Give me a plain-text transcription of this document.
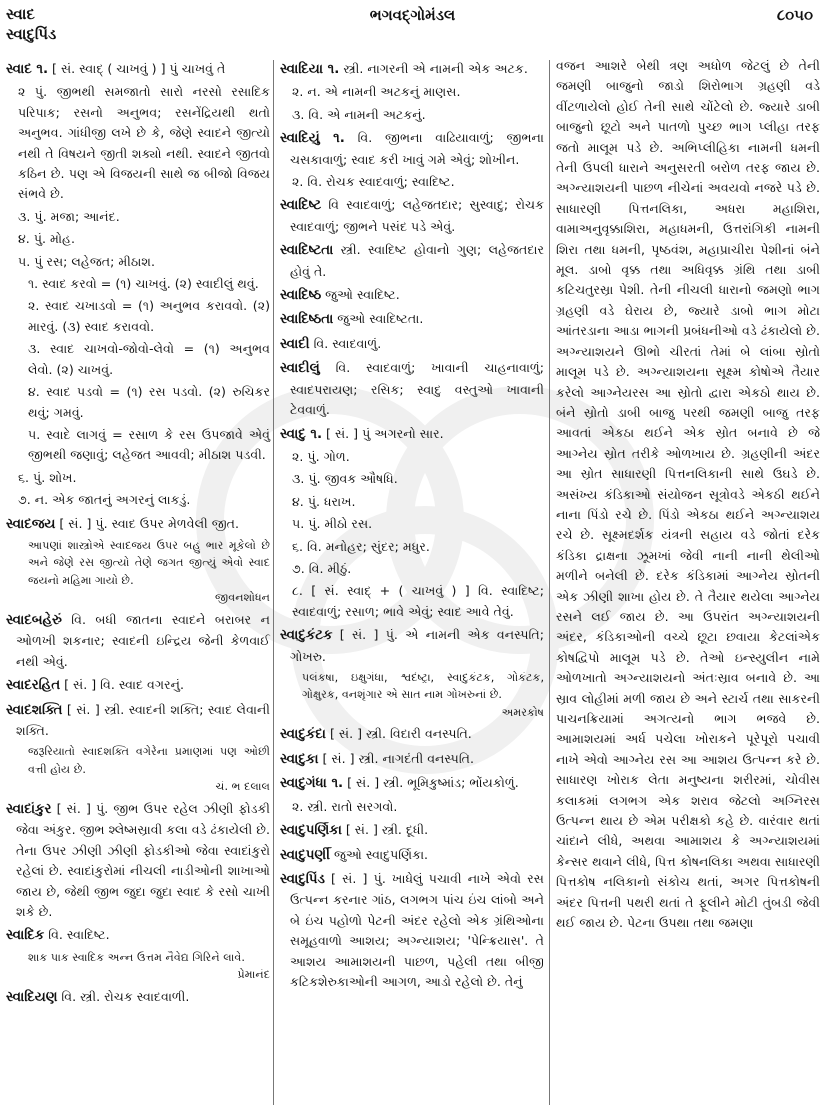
સ્વાદ
સ્વાદુપિંડ
ભગવદ્ગોમંડલ	૮૦૫૦
સ્વાદ ૧. [ સં. સ્વાદ્ ( ચાખવું ) ] પું ચાખવું તે
૨ પું. જીભથી સમજાતો સારો નરસો રસાદિક પરિપાક; રસનો અનુભવ; રસનેંદ્રિયથી થતો અનુભવ. ગાંધીજી લખે છે કે, જેણે સ્વાદને જીત્યો નથી તે વિષયને જીતી શક્યો નથી. સ્વાદને જીતવો કઠિન છે. પણ એ વિજયની સાથે જ બીજો વિજય સંભવે છે.
૩. પું. મજા; આનંદ.
૪. પું. મોહ.
૫. પું રસ; લહેજત; મીઠાશ.
૧. સ્વાદ કરવો = (૧) ચાખવું. (૨) સ્વાદીલું થવું.
૨. સ્વાદ ચખાડવો = (૧) અનુભવ કરાવવો. (૨) મારવું. (૩) સ્વાદ કરાવવો.
૩. સ્વાદ ચાખવો-જોવો-લેવો = (૧) અનુભવ લેવો. (૨) ચાખવું.
૪. સ્વાદ પડવો = (૧) રસ પડવો. (૨) રુચિકર થવું; ગમવું.
૫. સ્વાદે લાગવું = રસાળ કે રસ ઉપજાવે એવું જીભથી જણાવું; લહેજત આવવી; મીઠાશ પડવી.
૬. પું. શોખ.
૭. ન. એક જાતનું અગરનું લાકડું.
સ્વાદજય [ સં. ] પું. સ્વાદ ઉપર મેળવેલી જીત.
આપણાં શાસ્ત્રોએ સ્વાદજય ઉપર બહુ ભાર મૂકેલો છે અને જેણે રસ જીત્યો તેણે જગત જીત્યું એવો સ્વાદ જયનો મહિમા ગાયો છે.
જીવનશોધન
સ્વાદબહેરું વિ. બધી જાતના સ્વાદને બરાબર ન ઓળખી શકનાર; સ્વાદની ઇન્દ્રિય જેની કેળવાઈ નથી એવું.
સ્વાદરહિત [ સં. ] વિ. સ્વાદ વગરનું.
સ્વાદશક્તિ [ સં. ] સ્ત્રી. સ્વાદની શક્તિ; સ્વાદ લેવાની શક્તિ.
જરૂરિયાતો સ્વાદશક્તિ વગેરેના પ્રમાણમાં પણ ઓછી વત્તી હોય છે.
ચં. ભ દલાલ
સ્વાદાંકુર [ સં. ] પું. જીભ ઉપર રહેલ ઝીણી ફોડકી જેવા અંકુર. જીભ શ્લેષ્મસ્રાવી કલા વડે ઢંકાયેલી છે. તેના ઉપર ઝીણી ઝીણી ફોડકીઓ જેવા સ્વાદાંકુરો રહેલાં છે. સ્વાદાંકુરોમાં નીચલી નાડીઓની શાખાઓ જાય છે, જેથી જીભ જુદા જુદા સ્વાદ કે રસો ચાખી શકે છે.
સ્વાદિક વિ. સ્વાદિષ્ટ.
શાક પાક સ્વાદિક અન્ન ઉત્તમ નૈવેદ્ય ગિરિને લાવે.
પ્રેમાનંદ
સ્વાદિયણ વિ. સ્ત્રી. રોચક સ્વાદવાળી.
સ્વાદિયા ૧. સ્ત્રી. નાગરની એ નામની એક અટક.
૨. ન. એ નામની અટકનું માણસ.
૩. વિ. એ નામની અટકનું.
સ્વાદિયું ૧. વિ. જીભના વાઢિયાવાળું; જીભના ચસકાવાળું; સ્વાદ કરી ખાવું ગમે એવું; શોખીન.
૨. વિ. રોચક સ્વાદવાળું; સ્વાદિષ્ટ.
સ્વાદિષ્ટ વિ સ્વાદવાળું; લહેજતદાર; સુસ્વાદુ; રોચક સ્વાદવાળું; જીભને પસંદ પડે એવું.
સ્વાદિષ્ટતા સ્ત્રી. સ્વાદિષ્ટ હોવાનો ગુણ; લહેજતદાર હોવું તે.
સ્વાદિષ્ઠ જુઓ સ્વાદિષ્ટ.
સ્વાદિષ્ઠતા જુઓ સ્વાદિષ્ટતા.
સ્વાદી વિ. સ્વાદવાળું.
સ્વાદીલું વિ. સ્વાદવાળું; ખાવાની ચાહનાવાળું; સ્વાદપરાયણ; રસિક; સ્વાદુ વસ્તુઓ ખાવાની ટેવવાળું.
સ્વાદુ ૧. [ સં. ] પું અગરનો સાર.
૨. પું. ગોળ.
૩. પું. જીવક ઔષધિ.
૪. પું. ધરાખ.
૫. પું. મીઠો રસ.
૬. વિ. મનોહર; સુંદર; મધુર.
૭. વિ. મીઠું.
૮. [ સં. સ્વાદ્ + ( ચાખવું ) ] વિ. સ્વાદિષ્ટ; સ્વાદવાળું; રસાળ; ભાવે એવું; સ્વાદ આવે તેવું.
સ્વાદુકંટક [ સં. ] પું. એ નામની એક વનસ્પતિ; ગોખરુ.
પલંકષા, ઇક્ષુગંધા, શ્વદંષ્ટ્રા, સ્વાદુકંટક, ગોકંટક, ગોક્ષુરક, વનશૃંગાર એ સાત નામ ગોખરુનાં છે.
અમરકોષ
સ્વાદુકંદા [ સં. ] સ્ત્રી. વિદારી વનસ્પતિ.
સ્વાદુકા [ સં. ] સ્ત્રી. નાગદંતી વનસ્પતિ.
સ્વાદુગંધા ૧. [ સં. ] સ્ત્રી. ભૂમિકુષ્માંડ; ભોંયકોળું.
૨. સ્ત્રી. રાતો સરગવો.
સ્વાદુપર્ણિકા [ સં. ] સ્ત્રી. દૂધી.
સ્વાદુપર્ણી જુઓ સ્વાદુપર્ણિકા.
સ્વાદુપિંડ [ સં. ] પું. ખાધેલું પચાવી નાખે એવો રસ ઉત્પન્ન કરનાર ગાંઠ, લગભગ પાંચ ઇંચ લાંબો અને બે ઇંચ પહોળો પેટની અંદર રહેલો એક ગ્રંથિઓના સમૂહવાળો આશય; અગ્ન્યાશય; 'પેન્ક્રિયાસ'. તે આશય આમાશયની પાછળ, પહેલી તથા બીજી કટિકશેરુકાઓની આગળ, આડો રહેલો છે. તેનું
વજન આશરે બેથી ત્રણ અધોળ જેટલું છે તેની જમણી બાજુનો જાડો શિરોભાગ ગ્રહણી વડે વીંટળાયેલો હોઈ તેની સાથે ચોંટેલો છે. જ્યારે ડાબી બાજુનો છૂટો અને પાતળો પુચ્છ ભાગ પ્લીહા તરફ જતો માલૂમ પડે છે. અભિપ્લીહિકા નામની ધમની તેની ઉપલી ધારાને અનુસરતી બરોળ તરફ જાય છે. અગ્ન્યાશયની પાછળ નીચેનાં અવયવો નજરે પડે છે. સાધારણી પિત્તનલિકા, અધરા મહાશિરા, વામાઅનુવૃક્કાશિરા, મહાધમની, ઉત્તરાંગિકી નામની શિરા તથા ધમની, પૃષ્ઠવંશ, મહાપ્રાચીરા પેશીનાં બંને મૂલ. ડાબો વૃક્ક તથા અધિવૃક્ક ગ્રંથિ તથા ડાબી કટિચતુરસ્રા પેશી. તેની નીચલી ધારાનો જમણો ભાગ ગ્રહણી વડે ઘેરાય છે, જ્યારે ડાબો ભાગ મોટા આંતરડાના આડા ભાગની પ્રબંધનીઓ વડે ઢંકાયેલો છે. અગ્ન્યાશયને ઊભો ચીરતાં તેમાં બે લાંબા સ્રોતો માલૂમ પડે છે. અગ્ન્યાશયના સૂક્ષ્મ કોષોએ તૈયાર કરેલો આગ્નેયરસ આ સ્રોતો દ્વારા એકઠો થાય છે. બંને સ્રોતો ડાબી બાજુ પરથી જમણી બાજુ તરફ આવતાં એકઠા થઈને એક સ્રોત બનાવે છે જે આગ્નેય સ્રોત તરીકે ઓળખાય છે. ગ્રહણીની અંદર આ સ્રોત સાધારણી પિત્તનલિકાની સાથે ઉઘડે છે. અસંખ્ય કંડિકાઓ સંયોજન સૂત્રોવડે એકઠી થઈને નાના પિંડો રચે છે. પિંડો એકઠા થઈને અગ્ન્યાશય રચે છે. સૂક્ષ્મદર્શક યંત્રની સહાય વડે જોતાં દરેક કંડિકા દ્રાક્ષના ઝૂમખાં જેવી નાની નાની થેલીઓ મળીને બનેલી છે. દરેક કંડિકામાં આગ્નેય સ્રોતની એક ઝીણી શાખા હોય છે. તે તૈયાર થયેલા આગ્નેય રસને લઈ જાય છે. આ ઉપરાંત અગ્ન્યાશયની અંદર, કંડિકાઓની વચ્ચે છૂટા છવાયા કેટલાંએક કોષદ્વિપો માલૂમ પડે છે. તેઓ ઇન્સ્યુલીન નામે ઓળખાતો અગ્ન્યાશયનો અંતઃસ્રાવ બનાવે છે. આ સ્રાવ લોહીમાં મળી જાય છે અને સ્ટાર્ચ તથા સાકરની પાચનક્રિયામાં અગત્યનો ભાગ ભજવે છે. આમાશયમાં અર્ધ પચેલા ખોરાકને પૂરેપૂરો પચાવી નાખે એવો આગ્નેય રસ આ આશય ઉત્પન્ન કરે છે. સાધારણ ખોરાક લેતા મનુષ્યના શરીરમાં, ચોવીસ કલાકમાં લગભગ એક શરાવ જેટલો અગ્નિરસ ઉત્પન્ન થાય છે એમ પરીક્ષકો કહે છે. વારંવાર થતાં ચાંદાને લીધે, અથવા આમાશય કે અગ્ન્યાશયમાં કેન્સર થવાને લીધે, પિત્ત કોષનલિકા અથવા સાધારણી પિત્તકોષ નલિકાનો સંકોચ થતાં, અગર પિત્તકોષની અંદર પિત્તની પથરી થતાં તે ફૂલીને મોટી તુંબડી જેવી થઈ જાય છે. પેટના ઉપથા તથા જમણા
